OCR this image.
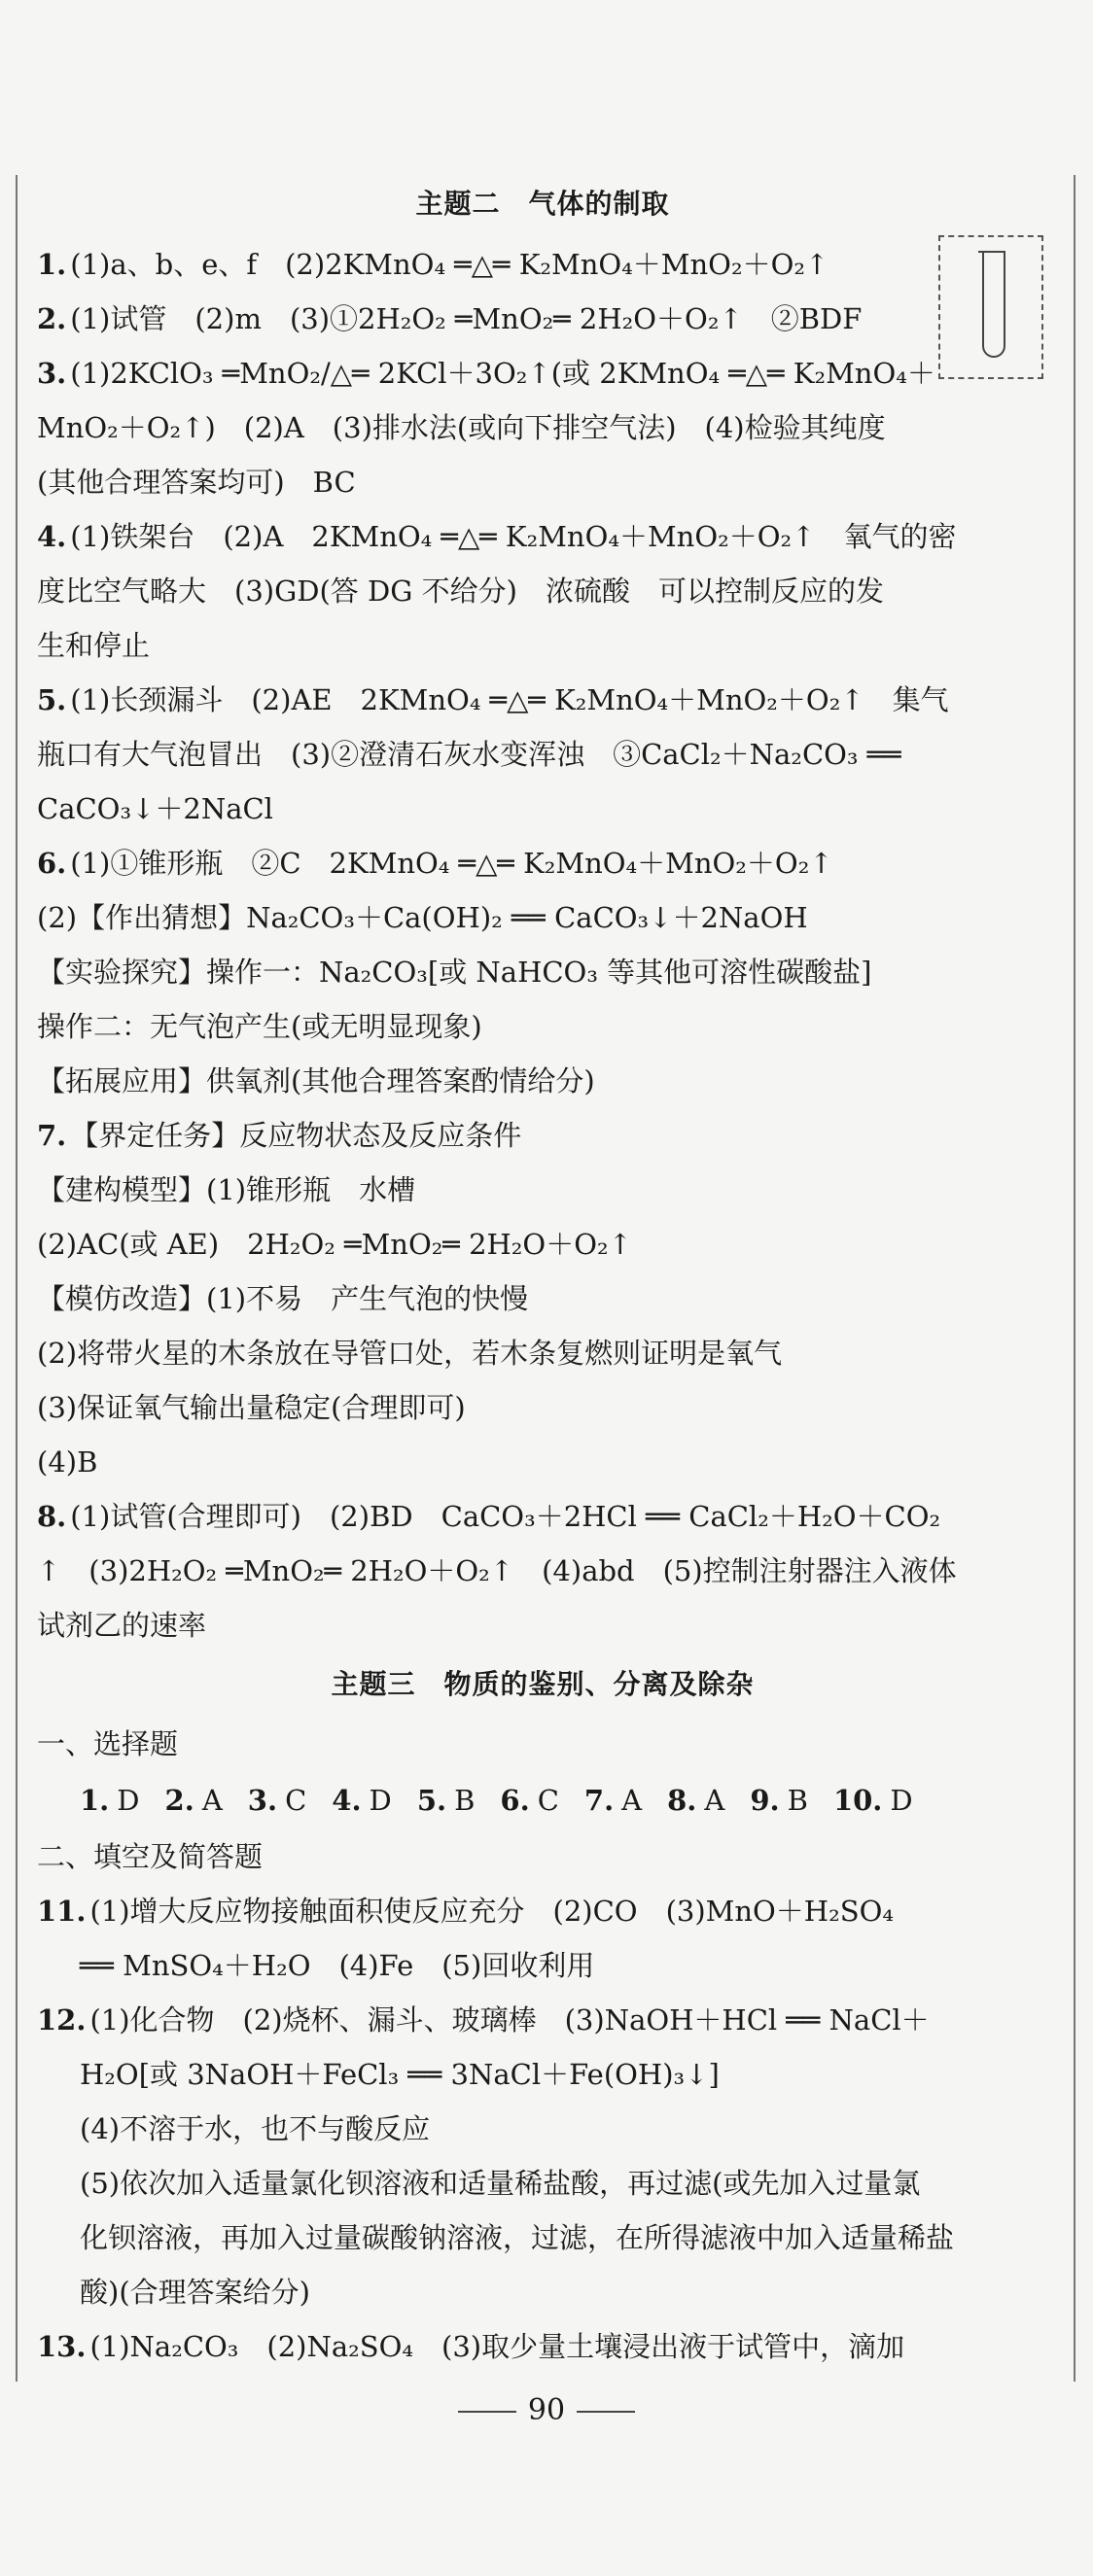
主题二　气体的制取
1. (1)a、b、e、f　(2)2KMnO₄ ═△═ K₂MnO₄＋MnO₂＋O₂↑
2. (1)试管　(2)m　(3)①2H₂O₂ ═MnO₂═ 2H₂O＋O₂↑　②BDF
3. (1)2KClO₃ ═MnO₂/△═ 2KCl＋3O₂↑(或 2KMnO₄ ═△═ K₂MnO₄＋
MnO₂＋O₂↑)　(2)A　(3)排水法(或向下排空气法)　(4)检验其纯度
(其他合理答案均可)　BC
4. (1)铁架台　(2)A　2KMnO₄ ═△═ K₂MnO₄＋MnO₂＋O₂↑　氧气的密
度比空气略大　(3)GD(答 DG 不给分)　浓硫酸　可以控制反应的发
生和停止
5. (1)长颈漏斗　(2)AE　2KMnO₄ ═△═ K₂MnO₄＋MnO₂＋O₂↑　集气
瓶口有大气泡冒出　(3)②澄清石灰水变浑浊　③CaCl₂＋Na₂CO₃ ══
CaCO₃↓＋2NaCl
6. (1)①锥形瓶　②C　2KMnO₄ ═△═ K₂MnO₄＋MnO₂＋O₂↑
(2)【作出猜想】Na₂CO₃＋Ca(OH)₂ ══ CaCO₃↓＋2NaOH
【实验探究】操作一：Na₂CO₃[或 NaHCO₃ 等其他可溶性碳酸盐]
操作二：无气泡产生(或无明显现象)
【拓展应用】供氧剂(其他合理答案酌情给分)
7. 【界定任务】反应物状态及反应条件
【建构模型】(1)锥形瓶　水槽
(2)AC(或 AE)　2H₂O₂ ═MnO₂═ 2H₂O＋O₂↑
【模仿改造】(1)不易　产生气泡的快慢
(2)将带火星的木条放在导管口处，若木条复燃则证明是氧气
(3)保证氧气输出量稳定(合理即可)
(4)B
8. (1)试管(合理即可)　(2)BD　CaCO₃＋2HCl ══ CaCl₂＋H₂O＋CO₂
↑　(3)2H₂O₂ ═MnO₂═ 2H₂O＋O₂↑　(4)abd　(5)控制注射器注入液体
试剂乙的速率
主题三　物质的鉴别、分离及除杂
一、选择题
1. D 2. A 3. C 4. D 5. B 6. C 7. A 8. A 9. B 10. D
二、填空及简答题
11. (1)增大反应物接触面积使反应充分　(2)CO　(3)MnO＋H₂SO₄
══ MnSO₄＋H₂O　(4)Fe　(5)回收利用
12. (1)化合物　(2)烧杯、漏斗、玻璃棒　(3)NaOH＋HCl ══ NaCl＋
H₂O[或 3NaOH＋FeCl₃ ══ 3NaCl＋Fe(OH)₃↓]
(4)不溶于水，也不与酸反应
(5)依次加入适量氯化钡溶液和适量稀盐酸，再过滤(或先加入过量氯
化钡溶液，再加入过量碳酸钠溶液，过滤，在所得滤液中加入适量稀盐
酸)(合理答案给分)
13. (1)Na₂CO₃　(2)Na₂SO₄　(3)取少量土壤浸出液于试管中，滴加
90
